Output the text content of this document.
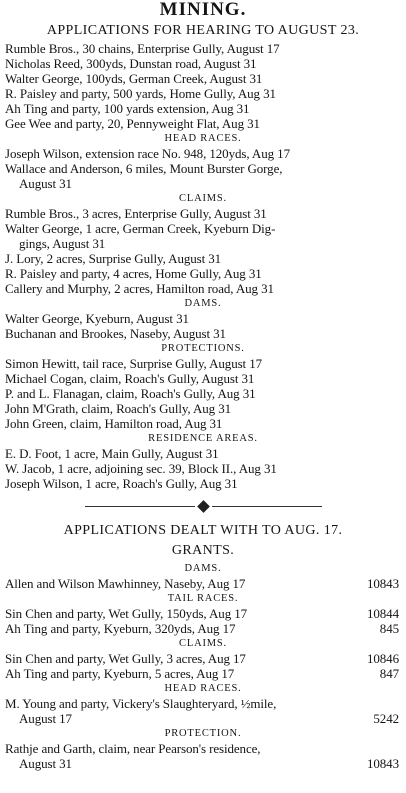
MINING.
APPLICATIONS FOR HEARING TO AUGUST 23.
Rumble Bros., 30 chains, Enterprise Gully, August 17
Nicholas Reed, 300yds, Dunstan road, August 31
Walter George, 100yds, German Creek, August 31
R. Paisley and party, 500 yards, Home Gully, Aug 31
Ah Ting and party, 100 yards extension, Aug 31
Gee Wee and party, 20, Pennyweight Flat, Aug 31
HEAD RACES.
Joseph Wilson, extension race No. 948, 120yds, Aug 17
Wallace and Anderson, 6 miles, Mount Burster Gorge,
August 31
CLAIMS.
Rumble Bros., 3 acres, Enterprise Gully, August 31
Walter George, 1 acre, German Creek, Kyeburn Dig-
gings, August 31
J. Lory, 2 acres, Surprise Gully, August 31
R. Paisley and party, 4 acres, Home Gully, Aug 31
Callery and Murphy, 2 acres, Hamilton road, Aug 31
DAMS.
Walter George, Kyeburn, August 31
Buchanan and Brookes, Naseby, August 31
PROTECTIONS.
Simon Hewitt, tail race, Surprise Gully, August 17
Michael Cogan, claim, Roach's Gully, August 31
P. and L. Flanagan, claim, Roach's Gully, Aug 31
John M'Grath, claim, Roach's Gully, Aug 31
John Green, claim, Hamilton road, Aug 31
RESIDENCE AREAS.
E. D. Foot, 1 acre, Main Gully, August 31
W. Jacob, 1 acre, adjoining sec. 39, Block II., Aug 31
Joseph Wilson, 1 acre, Roach's Gully, Aug 31
APPLICATIONS DEALT WITH TO AUG. 17.
GRANTS.
DAMS.
Allen and Wilson Mawhinney, Naseby, Aug 17	10843
TAIL RACES.
Sin Chen and party, Wet Gully, 150yds, Aug 17	10844
Ah Ting and party, Kyeburn, 320yds, Aug 17	845
CLAIMS.
Sin Chen and party, Wet Gully, 3 acres, Aug 17	10846
Ah Ting and party, Kyeburn, 5 acres, Aug 17	847
HEAD RACES.
M. Young and party, Vickery's Slaughteryard, ½mile,
August 17	5242
PROTECTION.
Rathje and Garth, claim, near Pearson's residence,
August 31	10843
